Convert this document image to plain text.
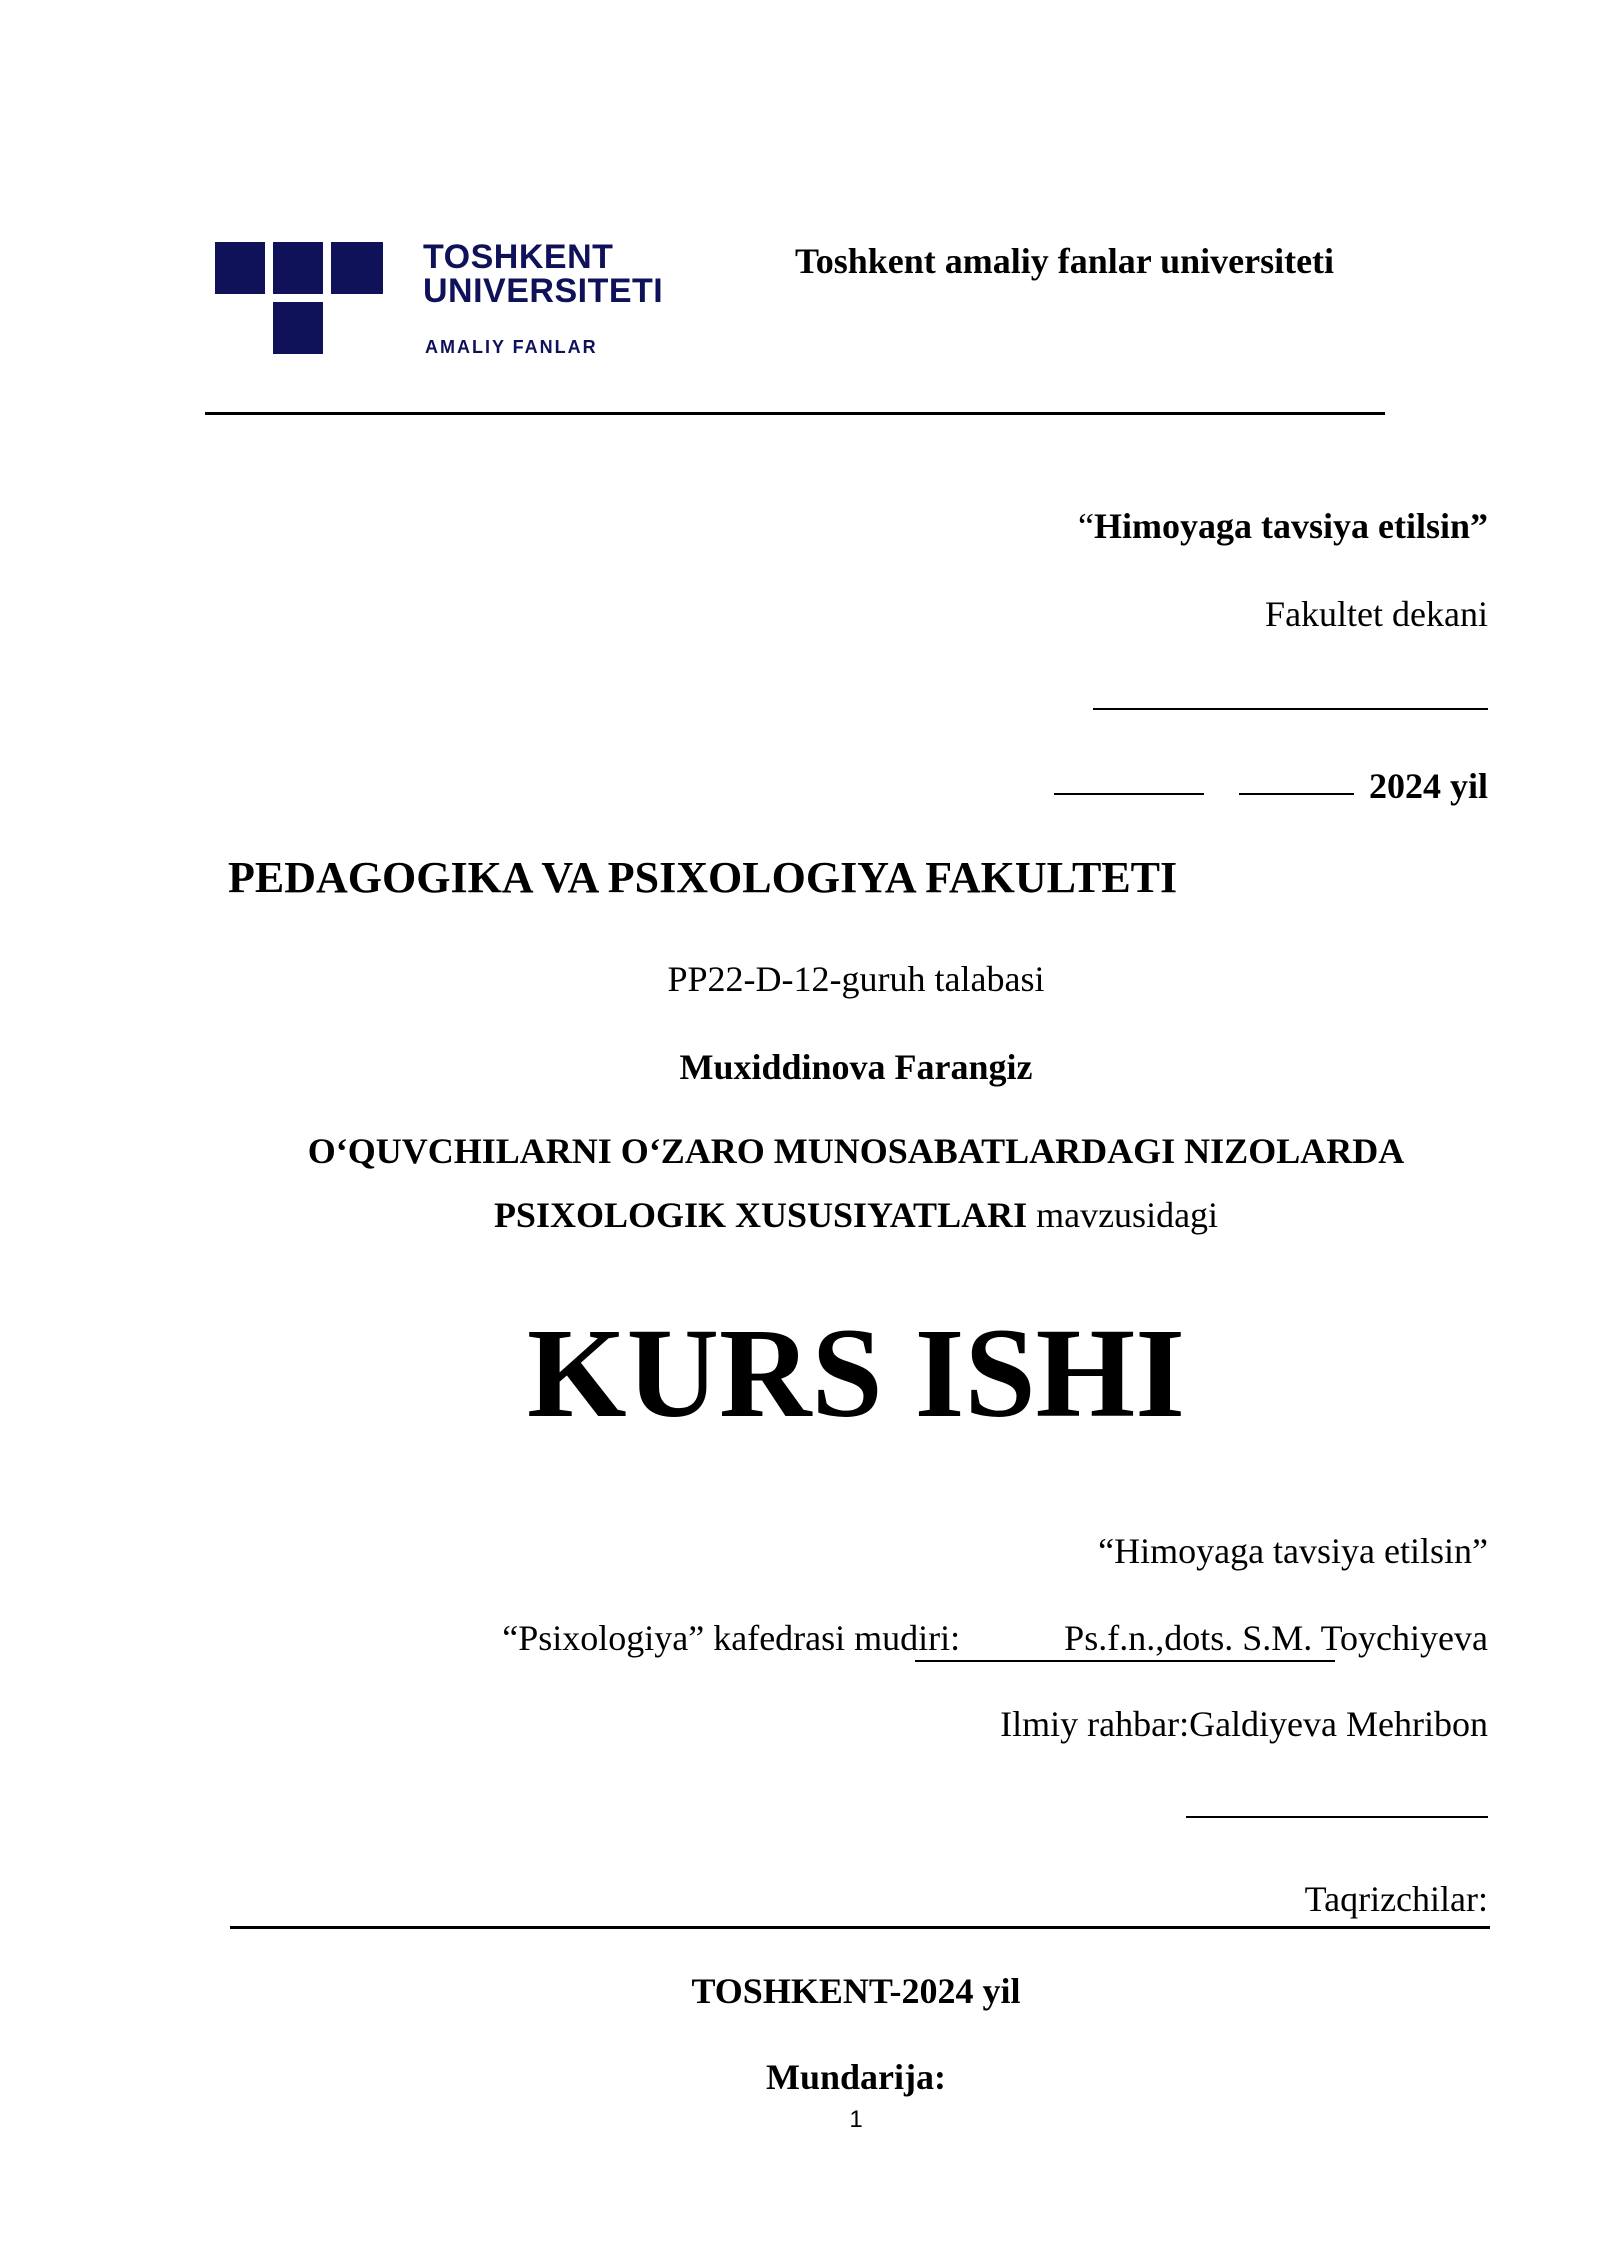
TOSHKENT
UNIVERSITETI
AMALIY FANLAR
Toshkent amaliy fanlar universiteti
“Himoyaga tavsiya etilsin”
Fakultet dekani
2024 yil
PEDAGOGIKA VA PSIXOLOGIYA FAKULTETI
PP22-D-12-guruh talabasi
Muxiddinova Farangiz
O‘QUVCHILARNI O‘ZARO MUNOSABATLARDAGI NIZOLARDA
PSIXOLOGIK XUSUSIYATLARI mavzusidagi
KURS ISHI
“Himoyaga tavsiya etilsin”
“Psixologiya” kafedrasi mudiri:	Ps.f.n.,dots. S.M. Toychiyeva
Ilmiy rahbar:Galdiyeva Mehribon
Taqrizchilar:
TOSHKENT-2024 yil
Mundarija:
1
